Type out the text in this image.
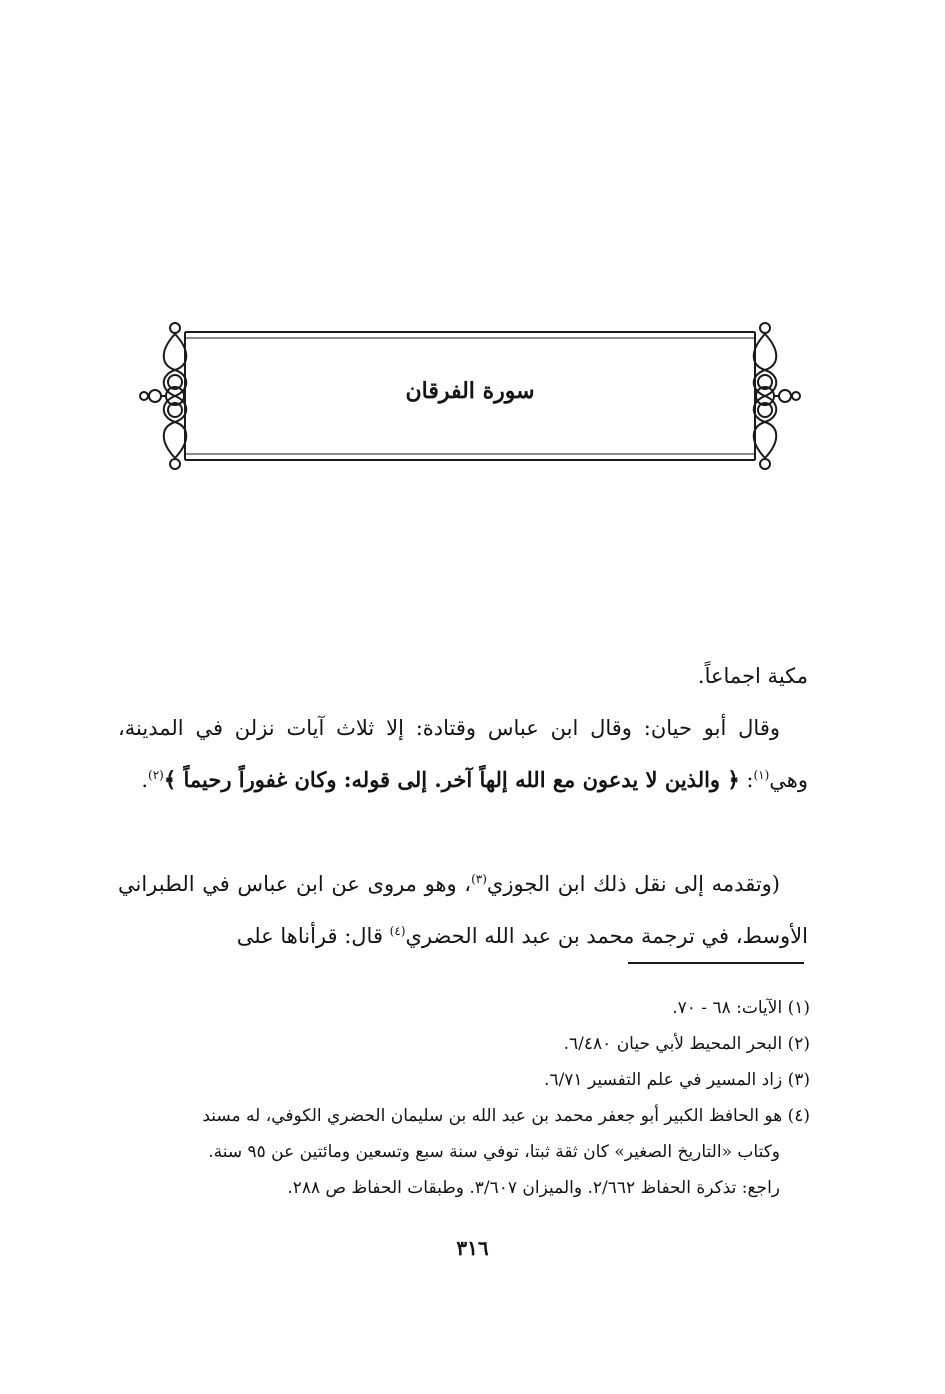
سورة الفرقان

مكية اجماعاً.

وقال أبو حيان: وقال ابن عباس وقتادة: إلا ثلاث آيات نزلن في المدينة، وهي$^{(١)}$: ﴿ والذين لا يدعون مع الله إلهاً آخر. إلى قوله: وكان غفوراً رحيماً ﴾$^{(٢)}$.

(وتقدمه إلى نقل ذلك ابن الجوزي$^{(٣)}$، وهو مروى عن ابن عباس في الطبراني الأوسط، في ترجمة محمد بن عبد الله الحضري$^{(٤)}$ قال: قرأناها على

(١) الآيات: ٦٨ - ٧٠.

(٢) البحر المحيط لأبي حيان ٦/٤٨٠.

(٣) زاد المسير في علم التفسير ٦/٧١.

(٤) هو الحافظ الكبير أبو جعفر محمد بن عبد الله بن سليمان الحضري الكوفي، له مسند

وكتاب «التاريخ الصغير» كان ثقة ثبتا، توفي سنة سبع وتسعين ومائتين عن ٩٥ سنة.

راجع: تذكرة الحفاظ ٢/٦٦٢. والميزان ٣/٦٠٧. وطبقات الحفاظ ص ٢٨٨.

٣١٦
